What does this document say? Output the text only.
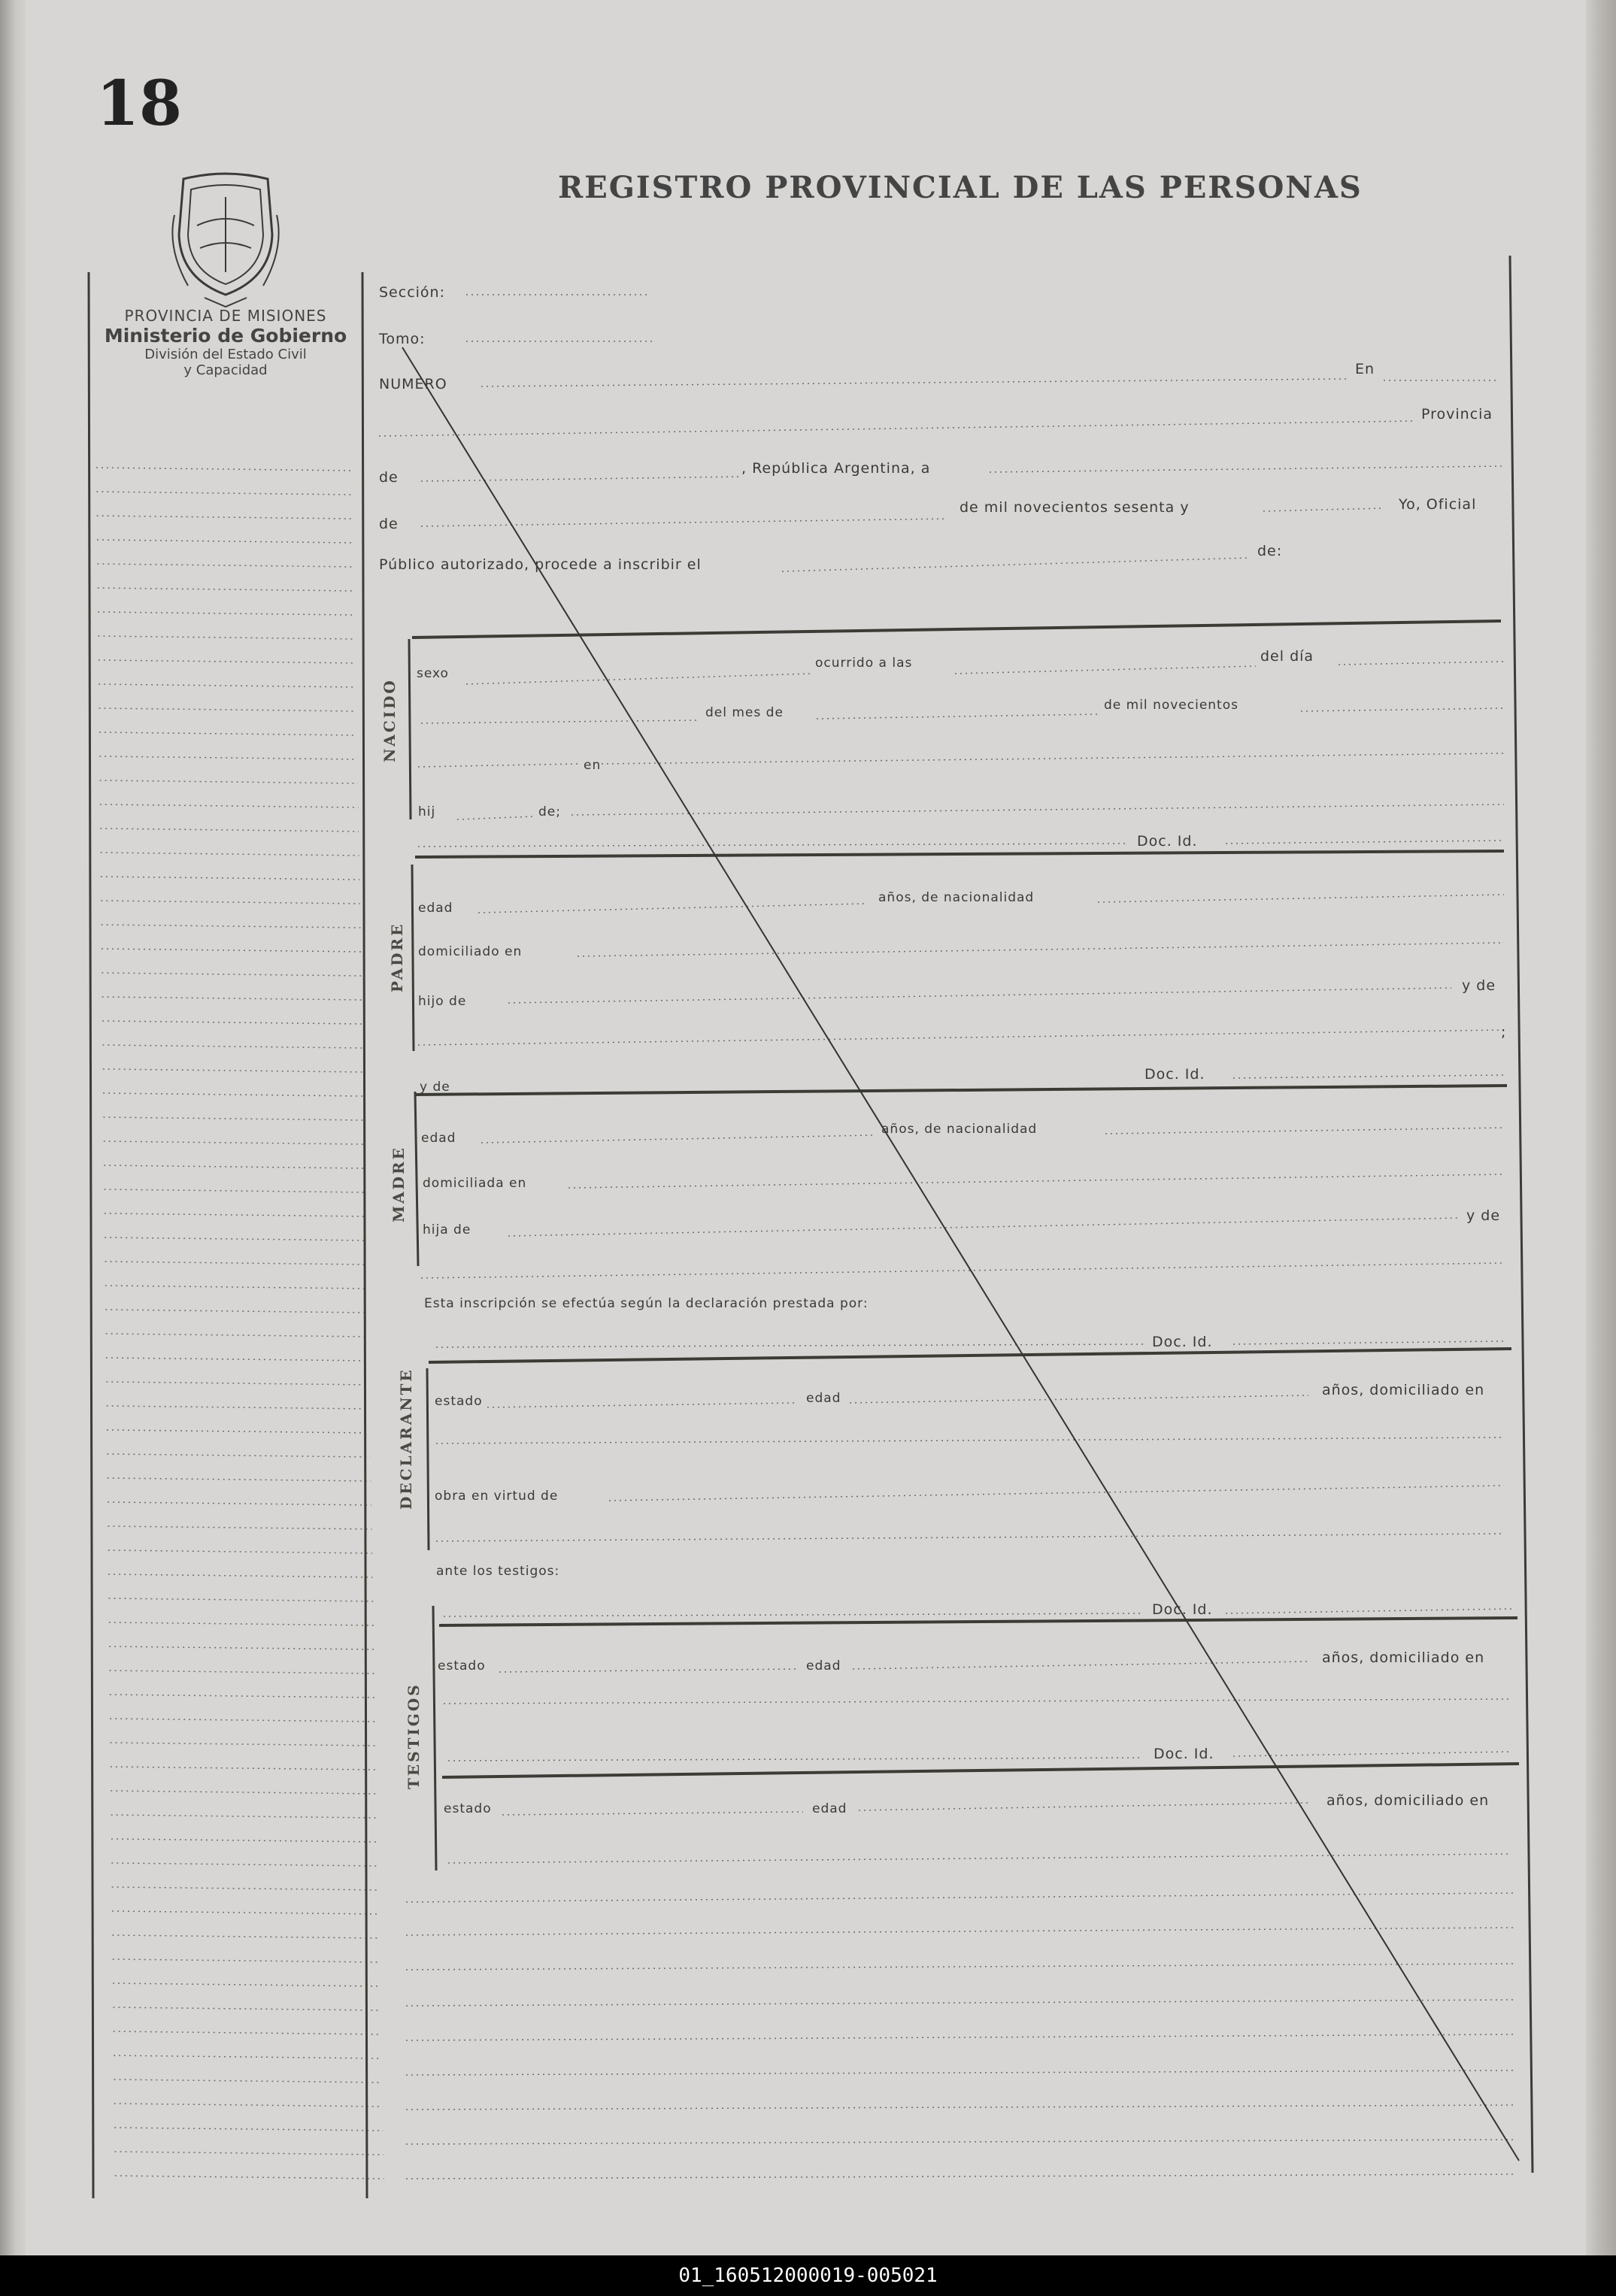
18
REGISTRO PROVINCIAL DE LAS PERSONAS
PROVINCIA DE MISIONES
Ministerio de Gobierno
División del Estado Civil
y Capacidad
Sección:
Tomo:
NUMERO
En
Provincia
de
, República Argentina, a
de
de mil novecientos sesenta y	Yo, Oficial
Público autorizado, procede a inscribir el
de:
NACIDO
PADRE
MADRE
DECLARANTE
TESTIGOS
sexo
ocurrido a las	del día
del mes de	de mil novecientos
en
hij	de;
Doc. Id.
edad
años, de nacionalidad
domiciliado en
hijo de
y de
;
y de
Doc. Id.
edad
años, de nacionalidad
domiciliada en
hija de
y de
Esta inscripción se efectúa según la declaración prestada por:
Doc. Id.
estado	edad	años, domiciliado en
obra en virtud de
ante los testigos:
Doc. Id.
estado	edad	años, domiciliado en
Doc. Id.
estado	edad	años, domiciliado en
01_160512000019-005021
